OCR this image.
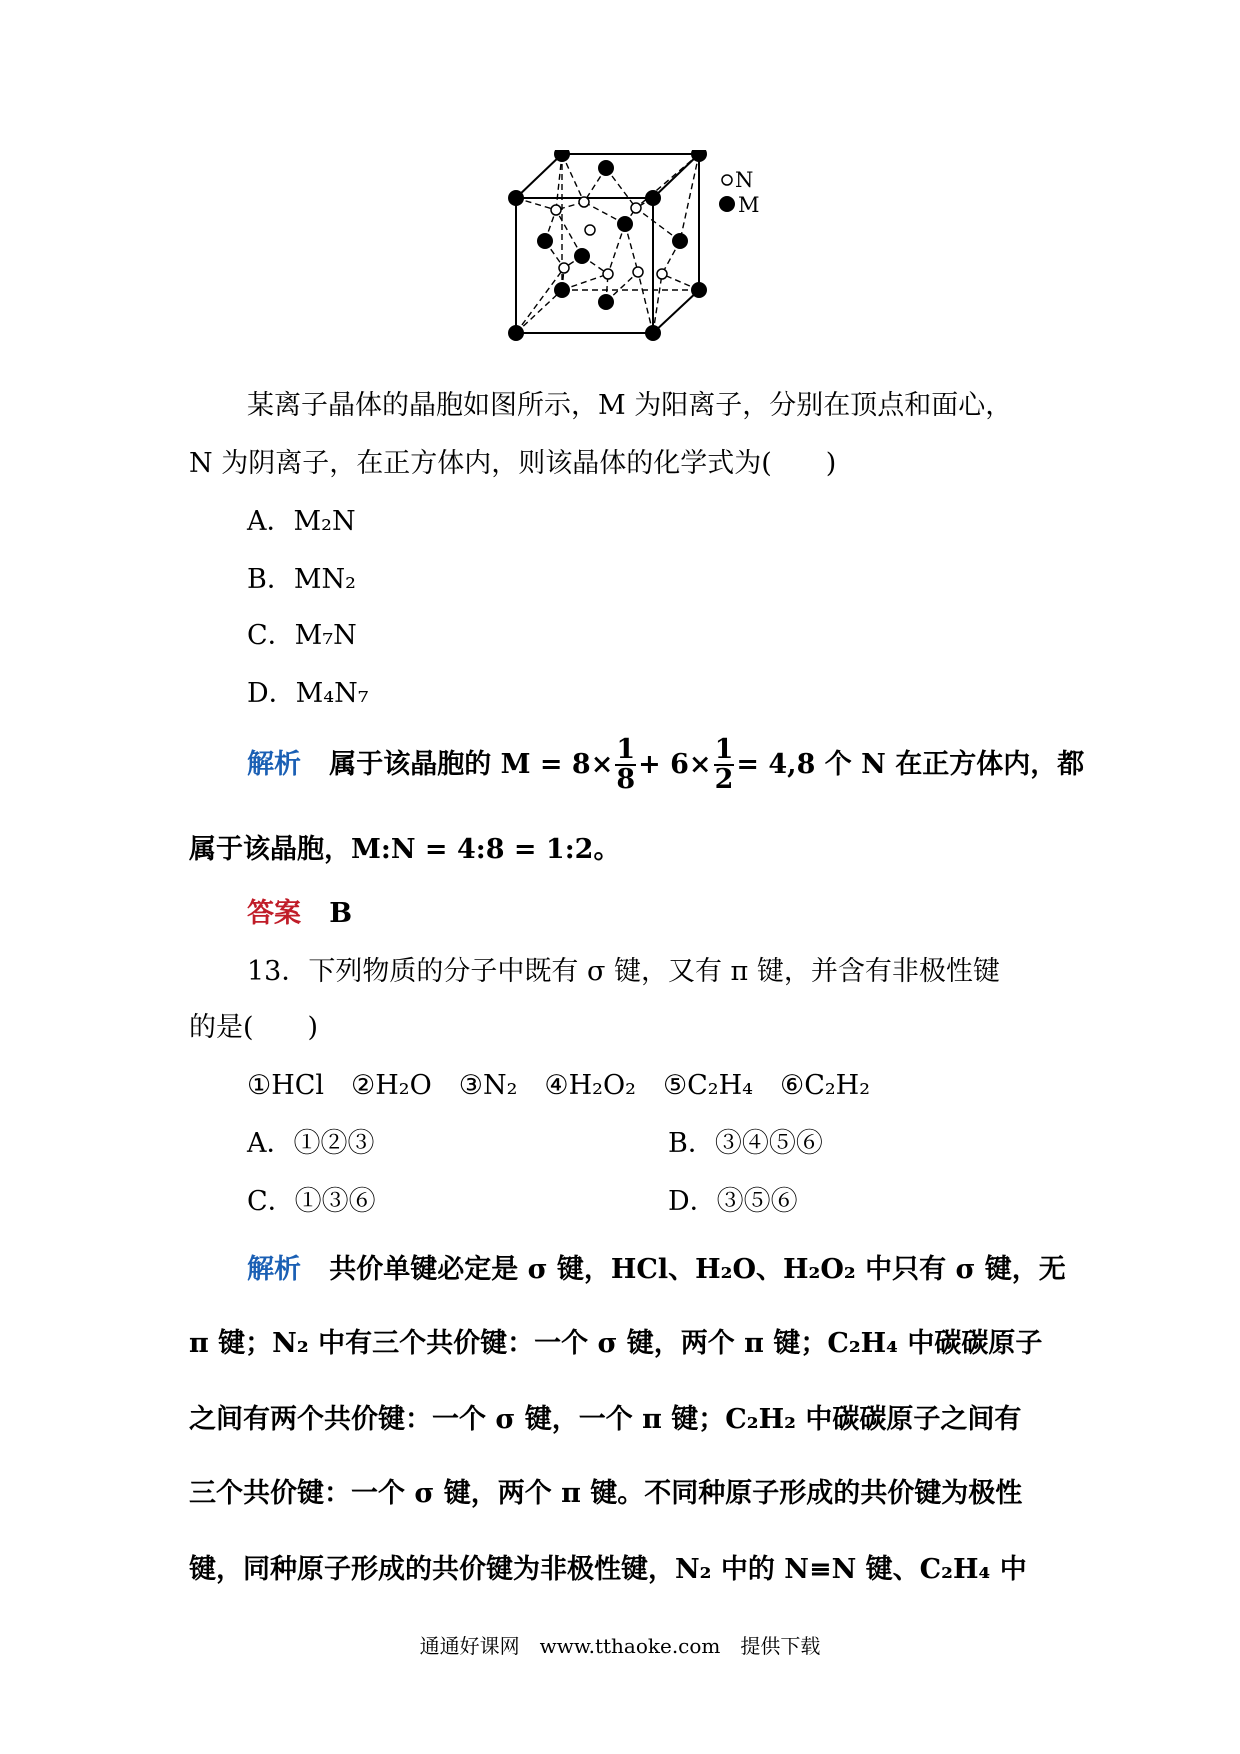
N
M
某离子晶体的晶胞如图所示，M 为阳离子，分别在顶点和面心，
N 为阴离子，在正方体内，则该晶体的化学式为(　　)
A．M₂N
B．MN₂
C．M₇N
D．M₄N₇
解析 属于该晶胞的 $M = 8\times \frac{1}{8} + 6\times \frac{1}{2} = 4,8$ 个 N 在正方体内，都
属于该晶胞，M:N = 4:8 = 1:2。
答案 B
13．下列物质的分子中既有 σ 键，又有 π 键，并含有非极性键
的是(　　)
①HCl　②H₂O　③N₂　④H₂O₂　⑤C₂H₄　⑥C₂H₂
A．①②③	B．③④⑤⑥
C．①③⑥	D．③⑤⑥
解析 共价单键必定是 σ 键，HCl、H₂O、H₂O₂ 中只有 σ 键，无
π 键；N₂ 中有三个共价键：一个 σ 键，两个 π 键；C₂H₄ 中碳碳原子
之间有两个共价键：一个 σ 键，一个 π 键；C₂H₂ 中碳碳原子之间有
三个共价键：一个 σ 键，两个 π 键。不同种原子形成的共价键为极性
键，同种原子形成的共价键为非极性键，N₂ 中的 N≡N 键、C₂H₄ 中
通通好课网　www.tthaoke.com　提供下载
